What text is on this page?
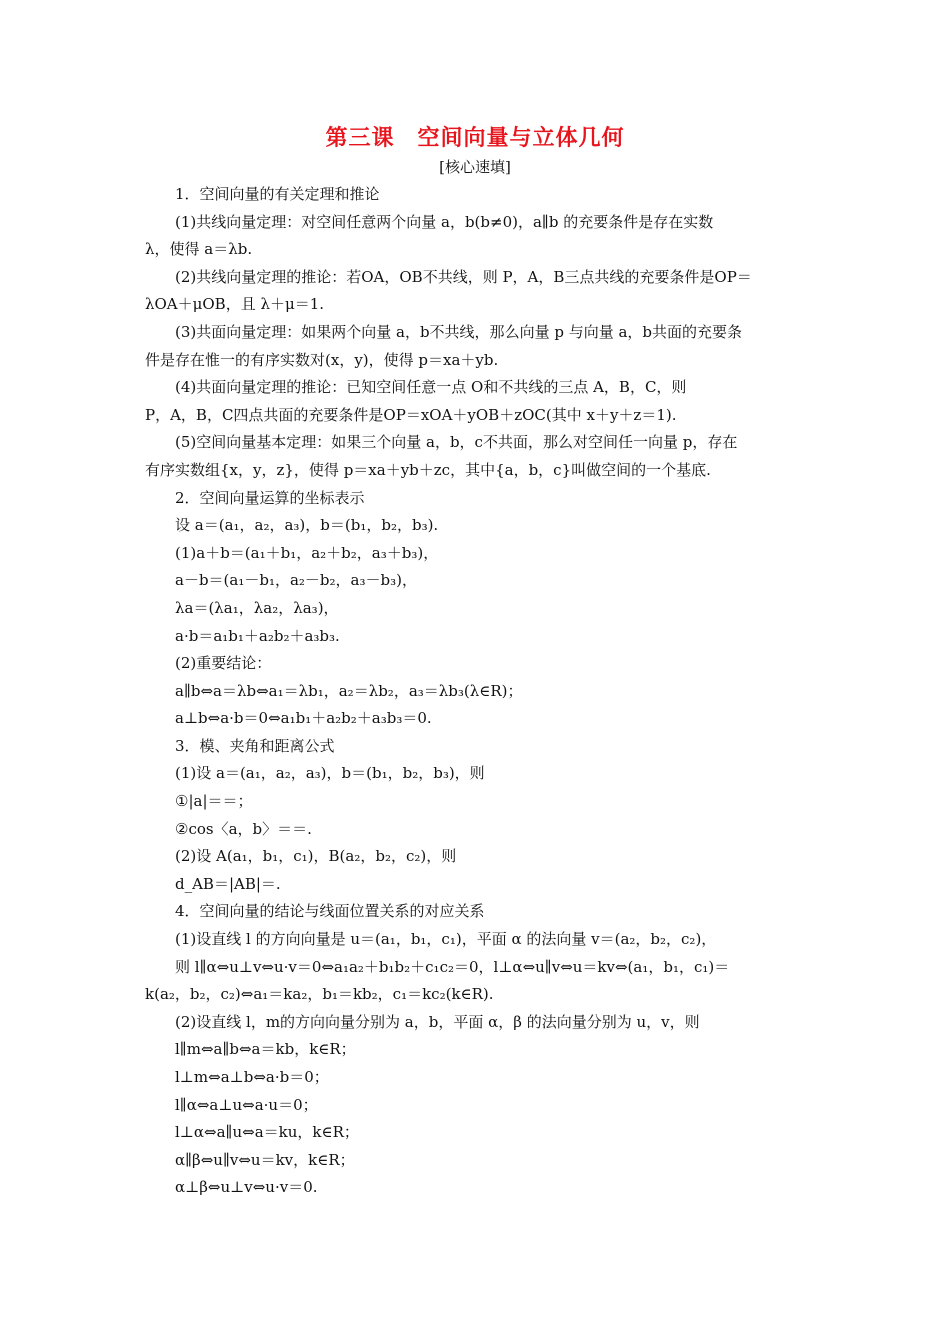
第三课　空间向量与立体几何
[核心速填]
1．空间向量的有关定理和推论
(1)共线向量定理：对空间任意两个向量 a，b(b≠0)，a∥b 的充要条件是存在实数
λ，使得 a＝λb.
(2)共线向量定理的推论：若OA，OB不共线，则 P，A，B三点共线的充要条件是OP＝
λOA＋μOB，且 λ＋μ＝1.
(3)共面向量定理：如果两个向量 a，b不共线，那么向量 p 与向量 a，b共面的充要条
件是存在惟一的有序实数对(x，y)，使得 p＝xa＋yb.
(4)共面向量定理的推论：已知空间任意一点 O和不共线的三点 A，B，C，则
P，A，B，C四点共面的充要条件是OP＝xOA＋yOB＋zOC(其中 x＋y＋z＝1).
(5)空间向量基本定理：如果三个向量 a，b，c不共面，那么对空间任一向量 p，存在
有序实数组{x，y，z}，使得 p＝xa＋yb＋zc，其中{a，b，c}叫做空间的一个基底.
2．空间向量运算的坐标表示
设 a＝(a₁，a₂，a₃)，b＝(b₁，b₂，b₃).
(1)a＋b＝(a₁＋b₁，a₂＋b₂，a₃＋b₃)，
a－b＝(a₁－b₁，a₂－b₂，a₃－b₃)，
λa＝(λa₁，λa₂，λa₃)，
a·b＝a₁b₁＋a₂b₂＋a₃b₃.
(2)重要结论：
a∥b⇔a＝λb⇔a₁＝λb₁，a₂＝λb₂，a₃＝λb₃(λ∈R)；
a⊥b⇔a·b＝0⇔a₁b₁＋a₂b₂＋a₃b₃＝0.
3．模、夹角和距离公式
(1)设 a＝(a₁，a₂，a₃)，b＝(b₁，b₂，b₃)，则
①|a|＝＝；
②cos〈a，b〉＝＝.
(2)设 A(a₁，b₁，c₁)，B(a₂，b₂，c₂)，则
d_AB＝|AB|＝.
4．空间向量的结论与线面位置关系的对应关系
(1)设直线 l 的方向向量是 u＝(a₁，b₁，c₁)，平面 α 的法向量 v＝(a₂，b₂，c₂)，
则 l∥α⇔u⊥v⇔u·v＝0⇔a₁a₂＋b₁b₂＋c₁c₂＝0，l⊥α⇔u∥v⇔u＝kv⇔(a₁，b₁，c₁)＝
k(a₂，b₂，c₂)⇔a₁＝ka₂，b₁＝kb₂，c₁＝kc₂(k∈R).
(2)设直线 l，m的方向向量分别为 a，b，平面 α，β 的法向量分别为 u，v，则
l∥m⇔a∥b⇔a＝kb，k∈R；
l⊥m⇔a⊥b⇔a·b＝0；
l∥α⇔a⊥u⇔a·u＝0；
l⊥α⇔a∥u⇔a＝ku，k∈R；
α∥β⇔u∥v⇔u＝kv，k∈R；
α⊥β⇔u⊥v⇔u·v＝0.
